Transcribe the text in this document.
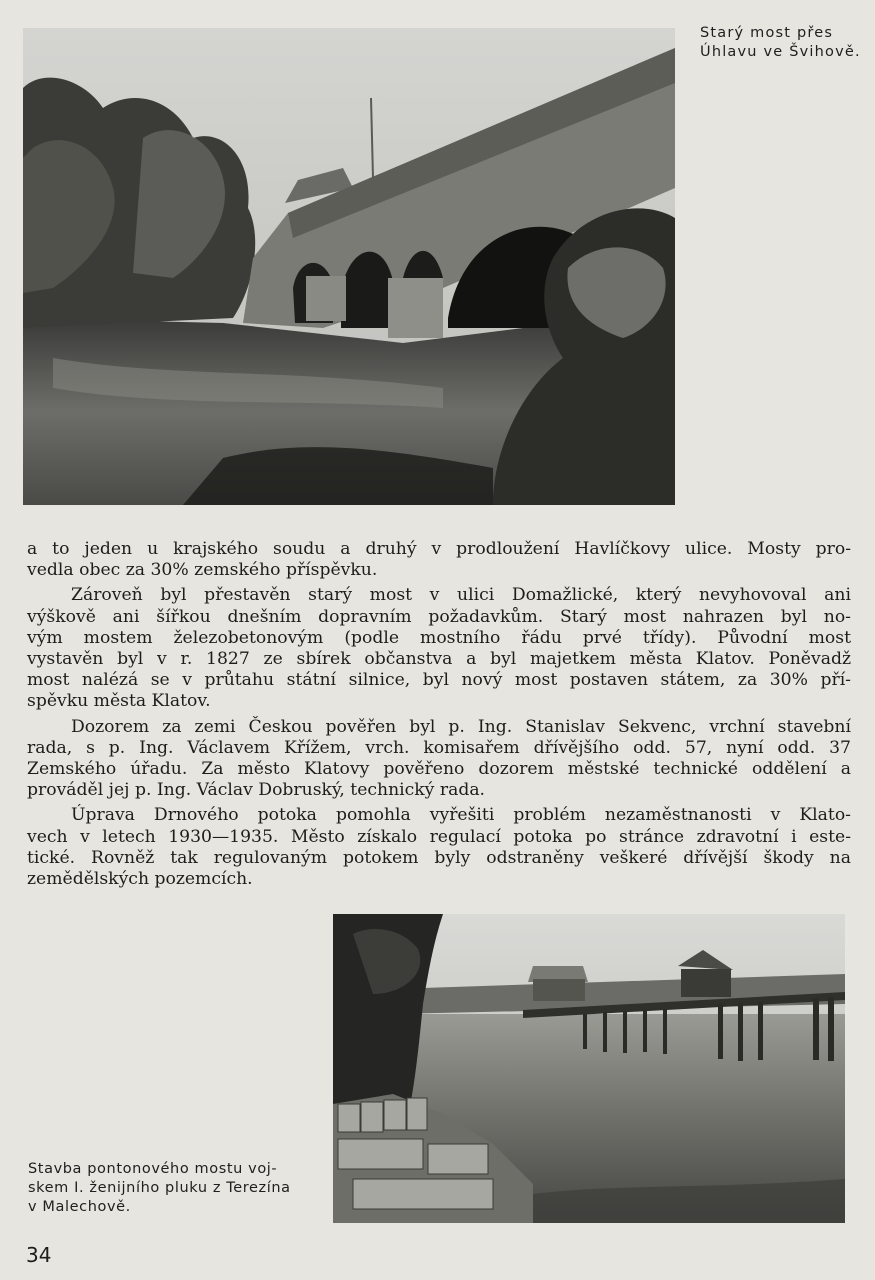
Starý most přes
Úhlavu ve Švihově.

a to jeden u krajského soudu a druhý v prodloužení Havlíčkovy ulice. Mosty pro-
vedla obec za 30% zemského příspěvku.

Zároveň byl přestavěn starý most v ulici Domažlické, který nevyhovoval ani
výškově ani šířkou dnešním dopravním požadavkům. Starý most nahrazen byl no-
vým mostem železobetonovým (podle mostního řádu prvé třídy). Původní most
vystavěn byl v r. 1827 ze sbírek občanstva a byl majetkem města Klatov. Poněvadž
most nalézá se v průtahu státní silnice, byl nový most postaven státem, za 30% pří-
spěvku města Klatov.

Dozorem za zemi Českou pověřen byl p. Ing. Stanislav Sekvenc, vrchní stavební
rada, s p. Ing. Václavem Křížem, vrch. komisařem dřívějšího odd. 57, nyní odd. 37
Zemského úřadu. Za město Klatovy pověřeno dozorem městské technické oddělení a
prováděl jej p. Ing. Václav Dobruský, technický rada.

Úprava Drnového potoka pomohla vyřešiti problém nezaměstnanosti v Klato-
vech v letech 1930—1935. Město získalo regulací potoka po stránce zdravotní i este-
tické. Rovněž tak regulovaným potokem byly odstraněny veškeré dřívější škody na
zemědělských pozemcích.

Stavba pontonového mostu voj-
skem I. ženijního pluku z Terezína
v Malechově.
34
